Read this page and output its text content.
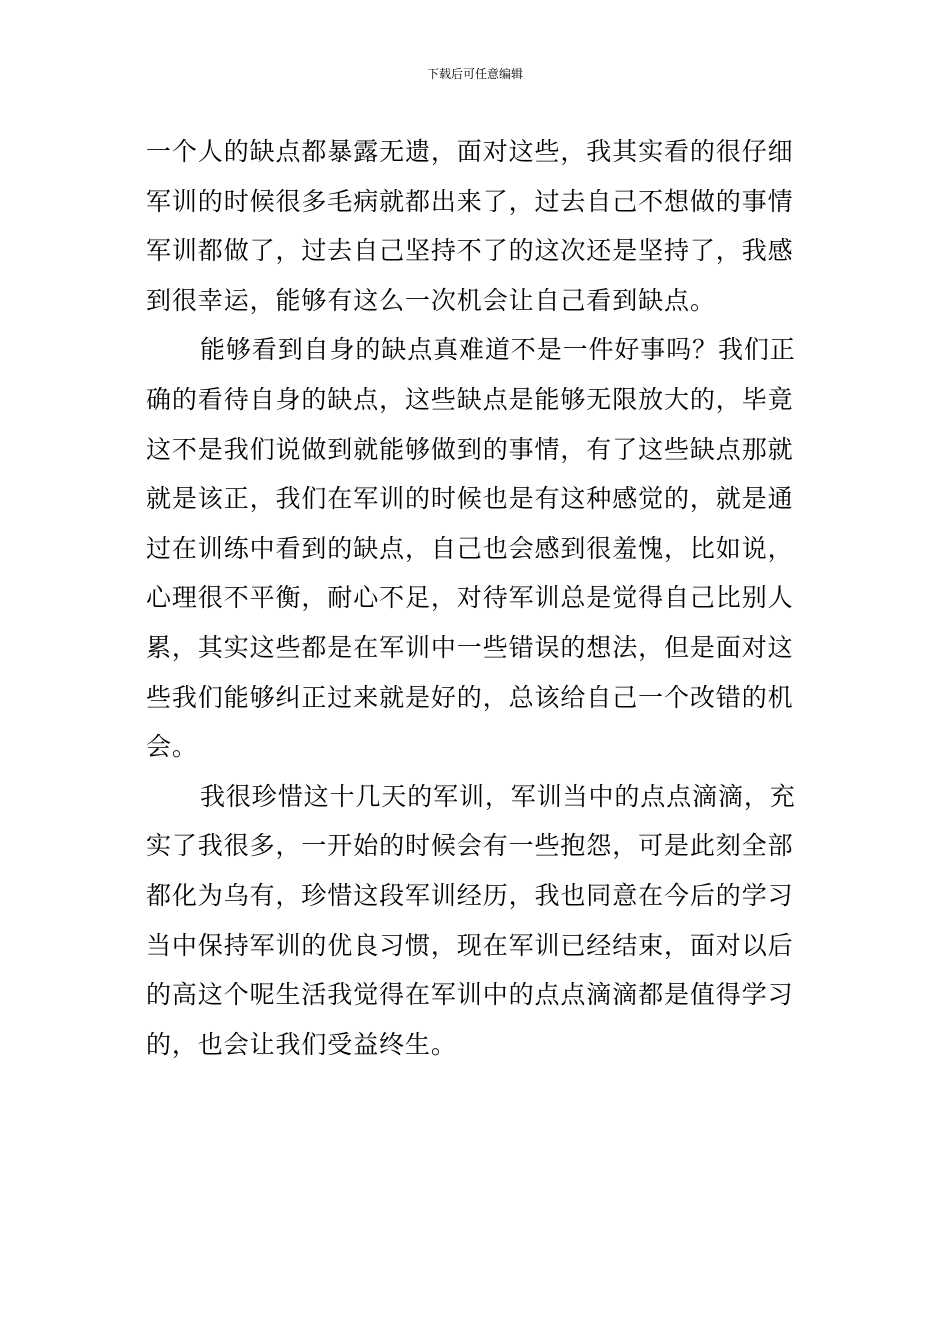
下载后可任意编辑
一个人的缺点都暴露无遗，面对这些，我其实看的很仔细
军训的时候很多毛病就都出来了，过去自己不想做的事情
军训都做了，过去自己坚持不了的这次还是坚持了，我感
到很幸运，能够有这么一次机会让自己看到缺点。
能够看到自身的缺点真难道不是一件好事吗？我们正
确的看待自身的缺点，这些缺点是能够无限放大的，毕竟
这不是我们说做到就能够做到的事情，有了这些缺点那就
就是该正，我们在军训的时候也是有这种感觉的，就是通
过在训练中看到的缺点，自己也会感到很羞愧，比如说，
心理很不平衡，耐心不足，对待军训总是觉得自己比别人
累，其实这些都是在军训中一些错误的想法，但是面对这
些我们能够纠正过来就是好的，总该给自己一个改错的机
会。
我很珍惜这十几天的军训，军训当中的点点滴滴，充
实了我很多，一开始的时候会有一些抱怨，可是此刻全部
都化为乌有，珍惜这段军训经历，我也同意在今后的学习
当中保持军训的优良习惯，现在军训已经结束，面对以后
的高这个呢生活我觉得在军训中的点点滴滴都是值得学习
的，也会让我们受益终生。
